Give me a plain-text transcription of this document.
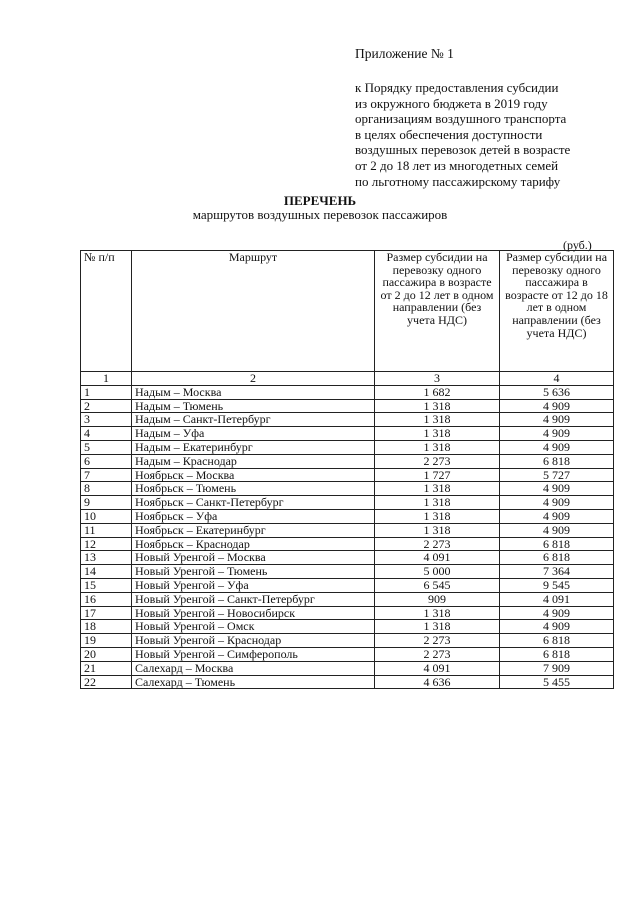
Приложение № 1
к Порядку предоставления субсидии
из окружного бюджета в 2019 году
организациям воздушного транспорта
в целях обеспечения доступности
воздушных перевозок детей в возрасте
от 2 до 18 лет из многодетных семей
по льготному пассажирскому тарифу
ПЕРЕЧЕНЬ
маршрутов воздушных перевозок пассажиров
(руб.)
№ п/п	Маршрут	Размер субсидии на перевозку одного пассажира в возрасте от 2 до 12 лет в одном направлении (без учета НДС)	Размер субсидии на перевозку одного пассажира в возрасте от 12 до 18 лет в одном направлении (без учета НДС)
1	2	3	4
1	Надым – Москва	1 682	5 636
2	Надым – Тюмень	1 318	4 909
3	Надым – Санкт-Петербург	1 318	4 909
4	Надым – Уфа	1 318	4 909
5	Надым – Екатеринбург	1 318	4 909
6	Надым – Краснодар	2 273	6 818
7	Ноябрьск – Москва	1 727	5 727
8	Ноябрьск – Тюмень	1 318	4 909
9	Ноябрьск – Санкт-Петербург	1 318	4 909
10	Ноябрьск – Уфа	1 318	4 909
11	Ноябрьск – Екатеринбург	1 318	4 909
12	Ноябрьск – Краснодар	2 273	6 818
13	Новый Уренгой – Москва	4 091	6 818
14	Новый Уренгой – Тюмень	5 000	7 364
15	Новый Уренгой – Уфа	6 545	9 545
16	Новый Уренгой – Санкт-Петербург	909	4 091
17	Новый Уренгой – Новосибирск	1 318	4 909
18	Новый Уренгой – Омск	1 318	4 909
19	Новый Уренгой – Краснодар	2 273	6 818
20	Новый Уренгой – Симферополь	2 273	6 818
21	Салехард – Москва	4 091	7 909
22	Салехард – Тюмень	4 636	5 455
